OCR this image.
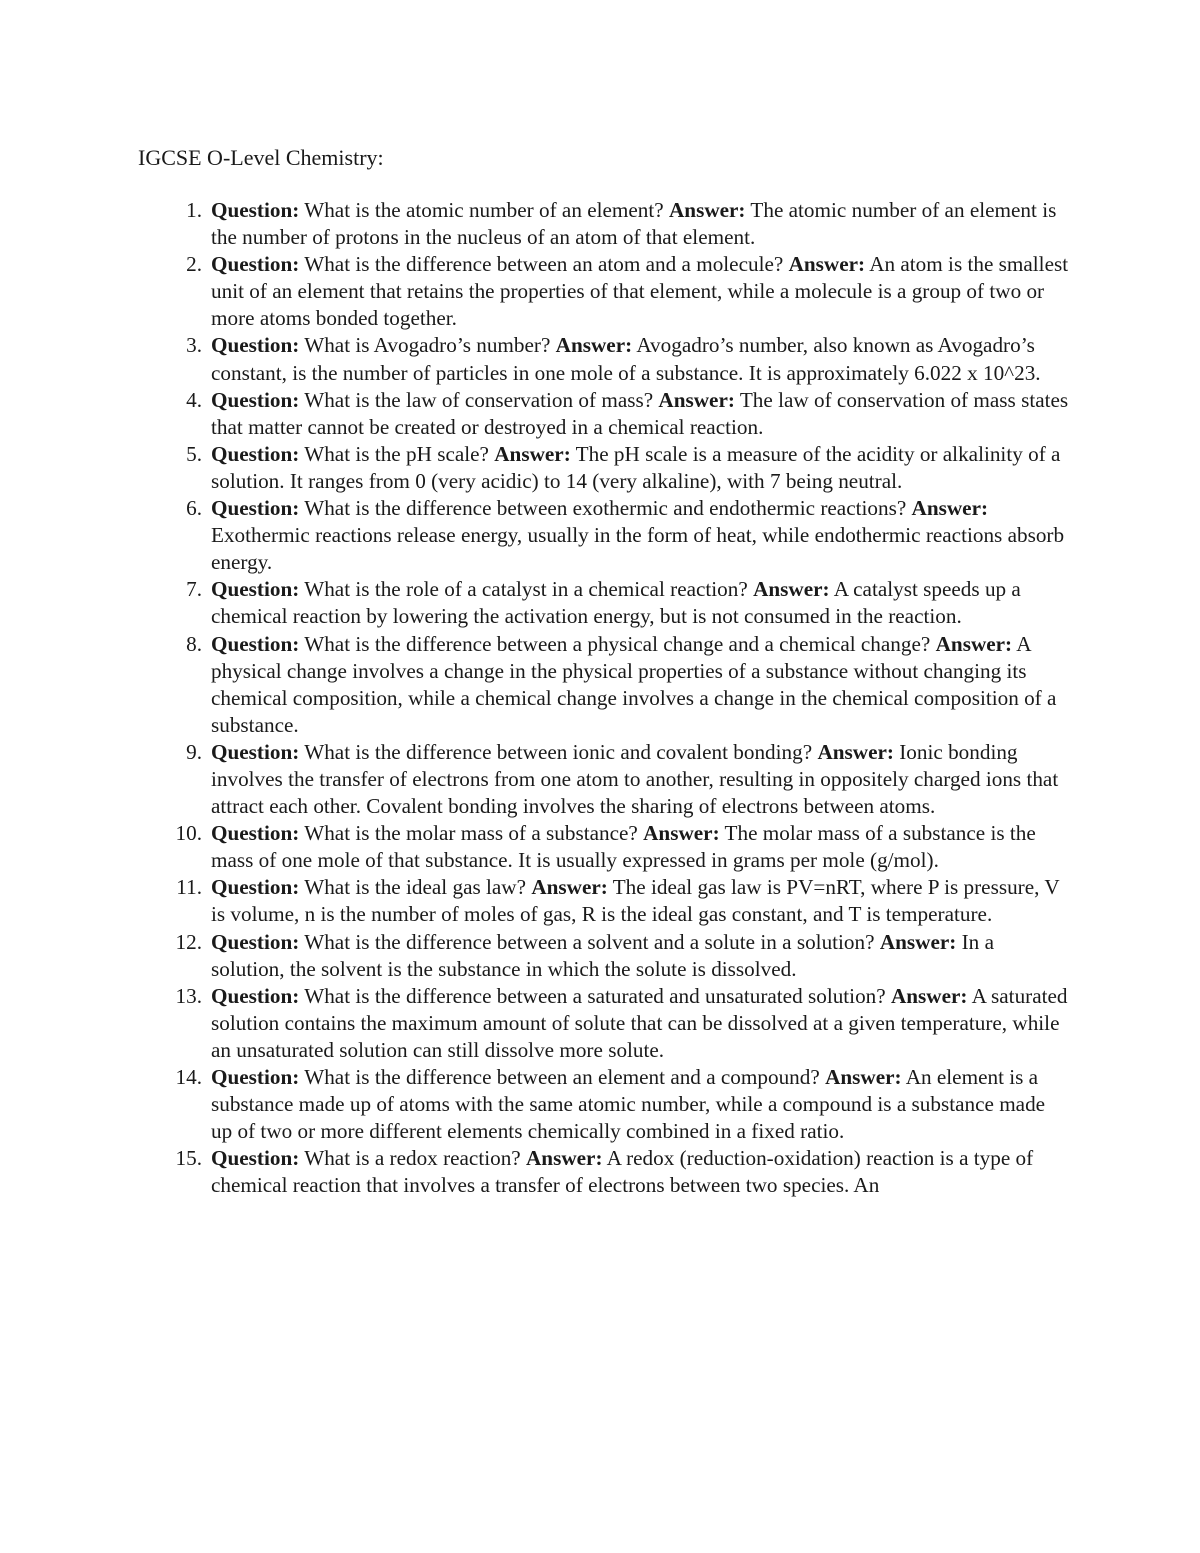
IGCSE O-Level Chemistry:
1. Question: What is the atomic number of an element? Answer: The atomic number of an element is the number of protons in the nucleus of an atom of that element.
2. Question: What is the difference between an atom and a molecule? Answer: An atom is the smallest unit of an element that retains the properties of that element, while a molecule is a group of two or more atoms bonded together.
3. Question: What is Avogadro’s number? Answer: Avogadro’s number, also known as Avogadro’s constant, is the number of particles in one mole of a substance. It is approximately 6.022 x 10^23.
4. Question: What is the law of conservation of mass? Answer: The law of conservation of mass states that matter cannot be created or destroyed in a chemical reaction.
5. Question: What is the pH scale? Answer: The pH scale is a measure of the acidity or alkalinity of a solution. It ranges from 0 (very acidic) to 14 (very alkaline), with 7 being neutral.
6. Question: What is the difference between exothermic and endothermic reactions? Answer: Exothermic reactions release energy, usually in the form of heat, while endothermic reactions absorb energy.
7. Question: What is the role of a catalyst in a chemical reaction? Answer: A catalyst speeds up a chemical reaction by lowering the activation energy, but is not consumed in the reaction.
8. Question: What is the difference between a physical change and a chemical change? Answer: A physical change involves a change in the physical properties of a substance without changing its chemical composition, while a chemical change involves a change in the chemical composition of a substance.
9. Question: What is the difference between ionic and covalent bonding? Answer: Ionic bonding involves the transfer of electrons from one atom to another, resulting in oppositely charged ions that attract each other. Covalent bonding involves the sharing of electrons between atoms.
10. Question: What is the molar mass of a substance? Answer: The molar mass of a substance is the mass of one mole of that substance. It is usually expressed in grams per mole (g/mol).
11. Question: What is the ideal gas law? Answer: The ideal gas law is PV=nRT, where P is pressure, V is volume, n is the number of moles of gas, R is the ideal gas constant, and T is temperature.
12. Question: What is the difference between a solvent and a solute in a solution? Answer: In a solution, the solvent is the substance in which the solute is dissolved.
13. Question: What is the difference between a saturated and unsaturated solution? Answer: A saturated solution contains the maximum amount of solute that can be dissolved at a given temperature, while an unsaturated solution can still dissolve more solute.
14. Question: What is the difference between an element and a compound? Answer: An element is a substance made up of atoms with the same atomic number, while a compound is a substance made up of two or more different elements chemically combined in a fixed ratio.
15. Question: What is a redox reaction? Answer: A redox (reduction-oxidation) reaction is a type of chemical reaction that involves a transfer of electrons between two species. An
